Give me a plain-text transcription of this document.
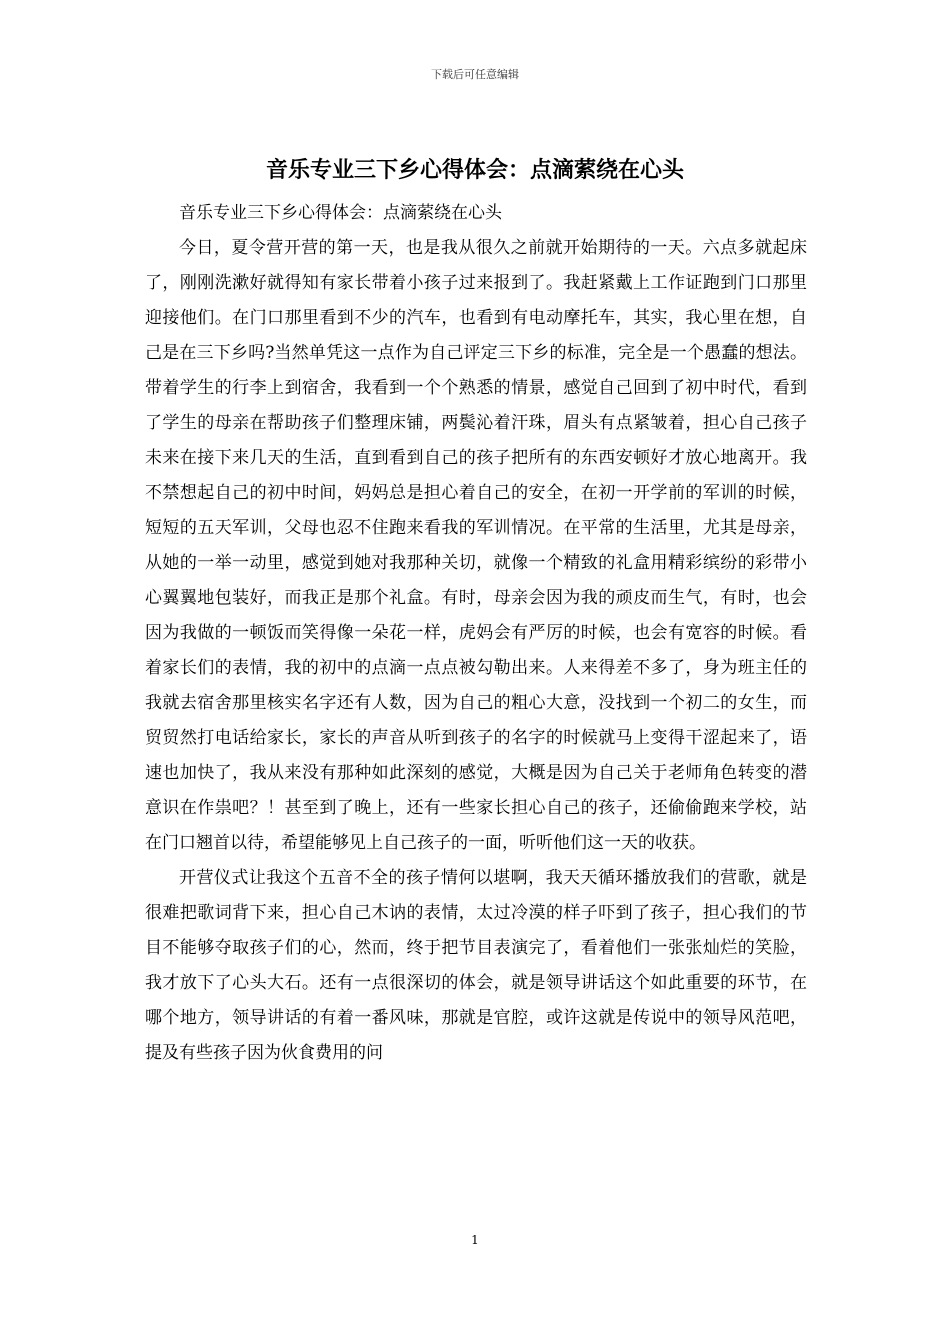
下载后可任意编辑
音乐专业三下乡心得体会：点滴萦绕在心头

音乐专业三下乡心得体会：点滴萦绕在心头

今日，夏令营开营的第一天，也是我从很久之前就开始期待的一天。六点多就起床了，刚刚洗漱好就得知有家长带着小孩子过来报到了。我赶紧戴上工作证跑到门口那里迎接他们。在门口那里看到不少的汽车，也看到有电动摩托车，其实，我心里在想，自己是在三下乡吗?当然单凭这一点作为自己评定三下乡的标准，完全是一个愚蠢的想法。带着学生的行李上到宿舍，我看到一个个熟悉的情景，感觉自己回到了初中时代，看到了学生的母亲在帮助孩子们整理床铺，两鬓沁着汗珠，眉头有点紧皱着，担心自己孩子未来在接下来几天的生活，直到看到自己的孩子把所有的东西安顿好才放心地离开。我不禁想起自己的初中时间，妈妈总是担心着自己的安全，在初一开学前的军训的时候，短短的五天军训，父母也忍不住跑来看我的军训情况。在平常的生活里，尤其是母亲，从她的一举一动里，感觉到她对我那种关切，就像一个精致的礼盒用精彩缤纷的彩带小心翼翼地包装好，而我正是那个礼盒。有时，母亲会因为我的顽皮而生气，有时，也会因为我做的一顿饭而笑得像一朵花一样，虎妈会有严厉的时候，也会有宽容的时候。看着家长们的表情，我的初中的点滴一点点被勾勒出来。人来得差不多了，身为班主任的我就去宿舍那里核实名字还有人数，因为自己的粗心大意，没找到一个初二的女生，而贸贸然打电话给家长，家长的声音从听到孩子的名字的时候就马上变得干涩起来了，语速也加快了，我从来没有那种如此深刻的感觉，大概是因为自己关于老师角色转变的潜意识在作祟吧？！甚至到了晚上，还有一些家长担心自己的孩子，还偷偷跑来学校，站在门口翘首以待，希望能够见上自己孩子的一面，听听他们这一天的收获。

开营仪式让我这个五音不全的孩子情何以堪啊，我天天循环播放我们的营歌，就是很难把歌词背下来，担心自己木讷的表情，太过冷漠的样子吓到了孩子，担心我们的节目不能够夺取孩子们的心，然而，终于把节目表演完了，看着他们一张张灿烂的笑脸，我才放下了心头大石。还有一点很深切的体会，就是领导讲话这个如此重要的环节，在哪个地方，领导讲话的有着一番风味，那就是官腔，或许这就是传说中的领导风范吧，提及有些孩子因为伙食费用的问

1
